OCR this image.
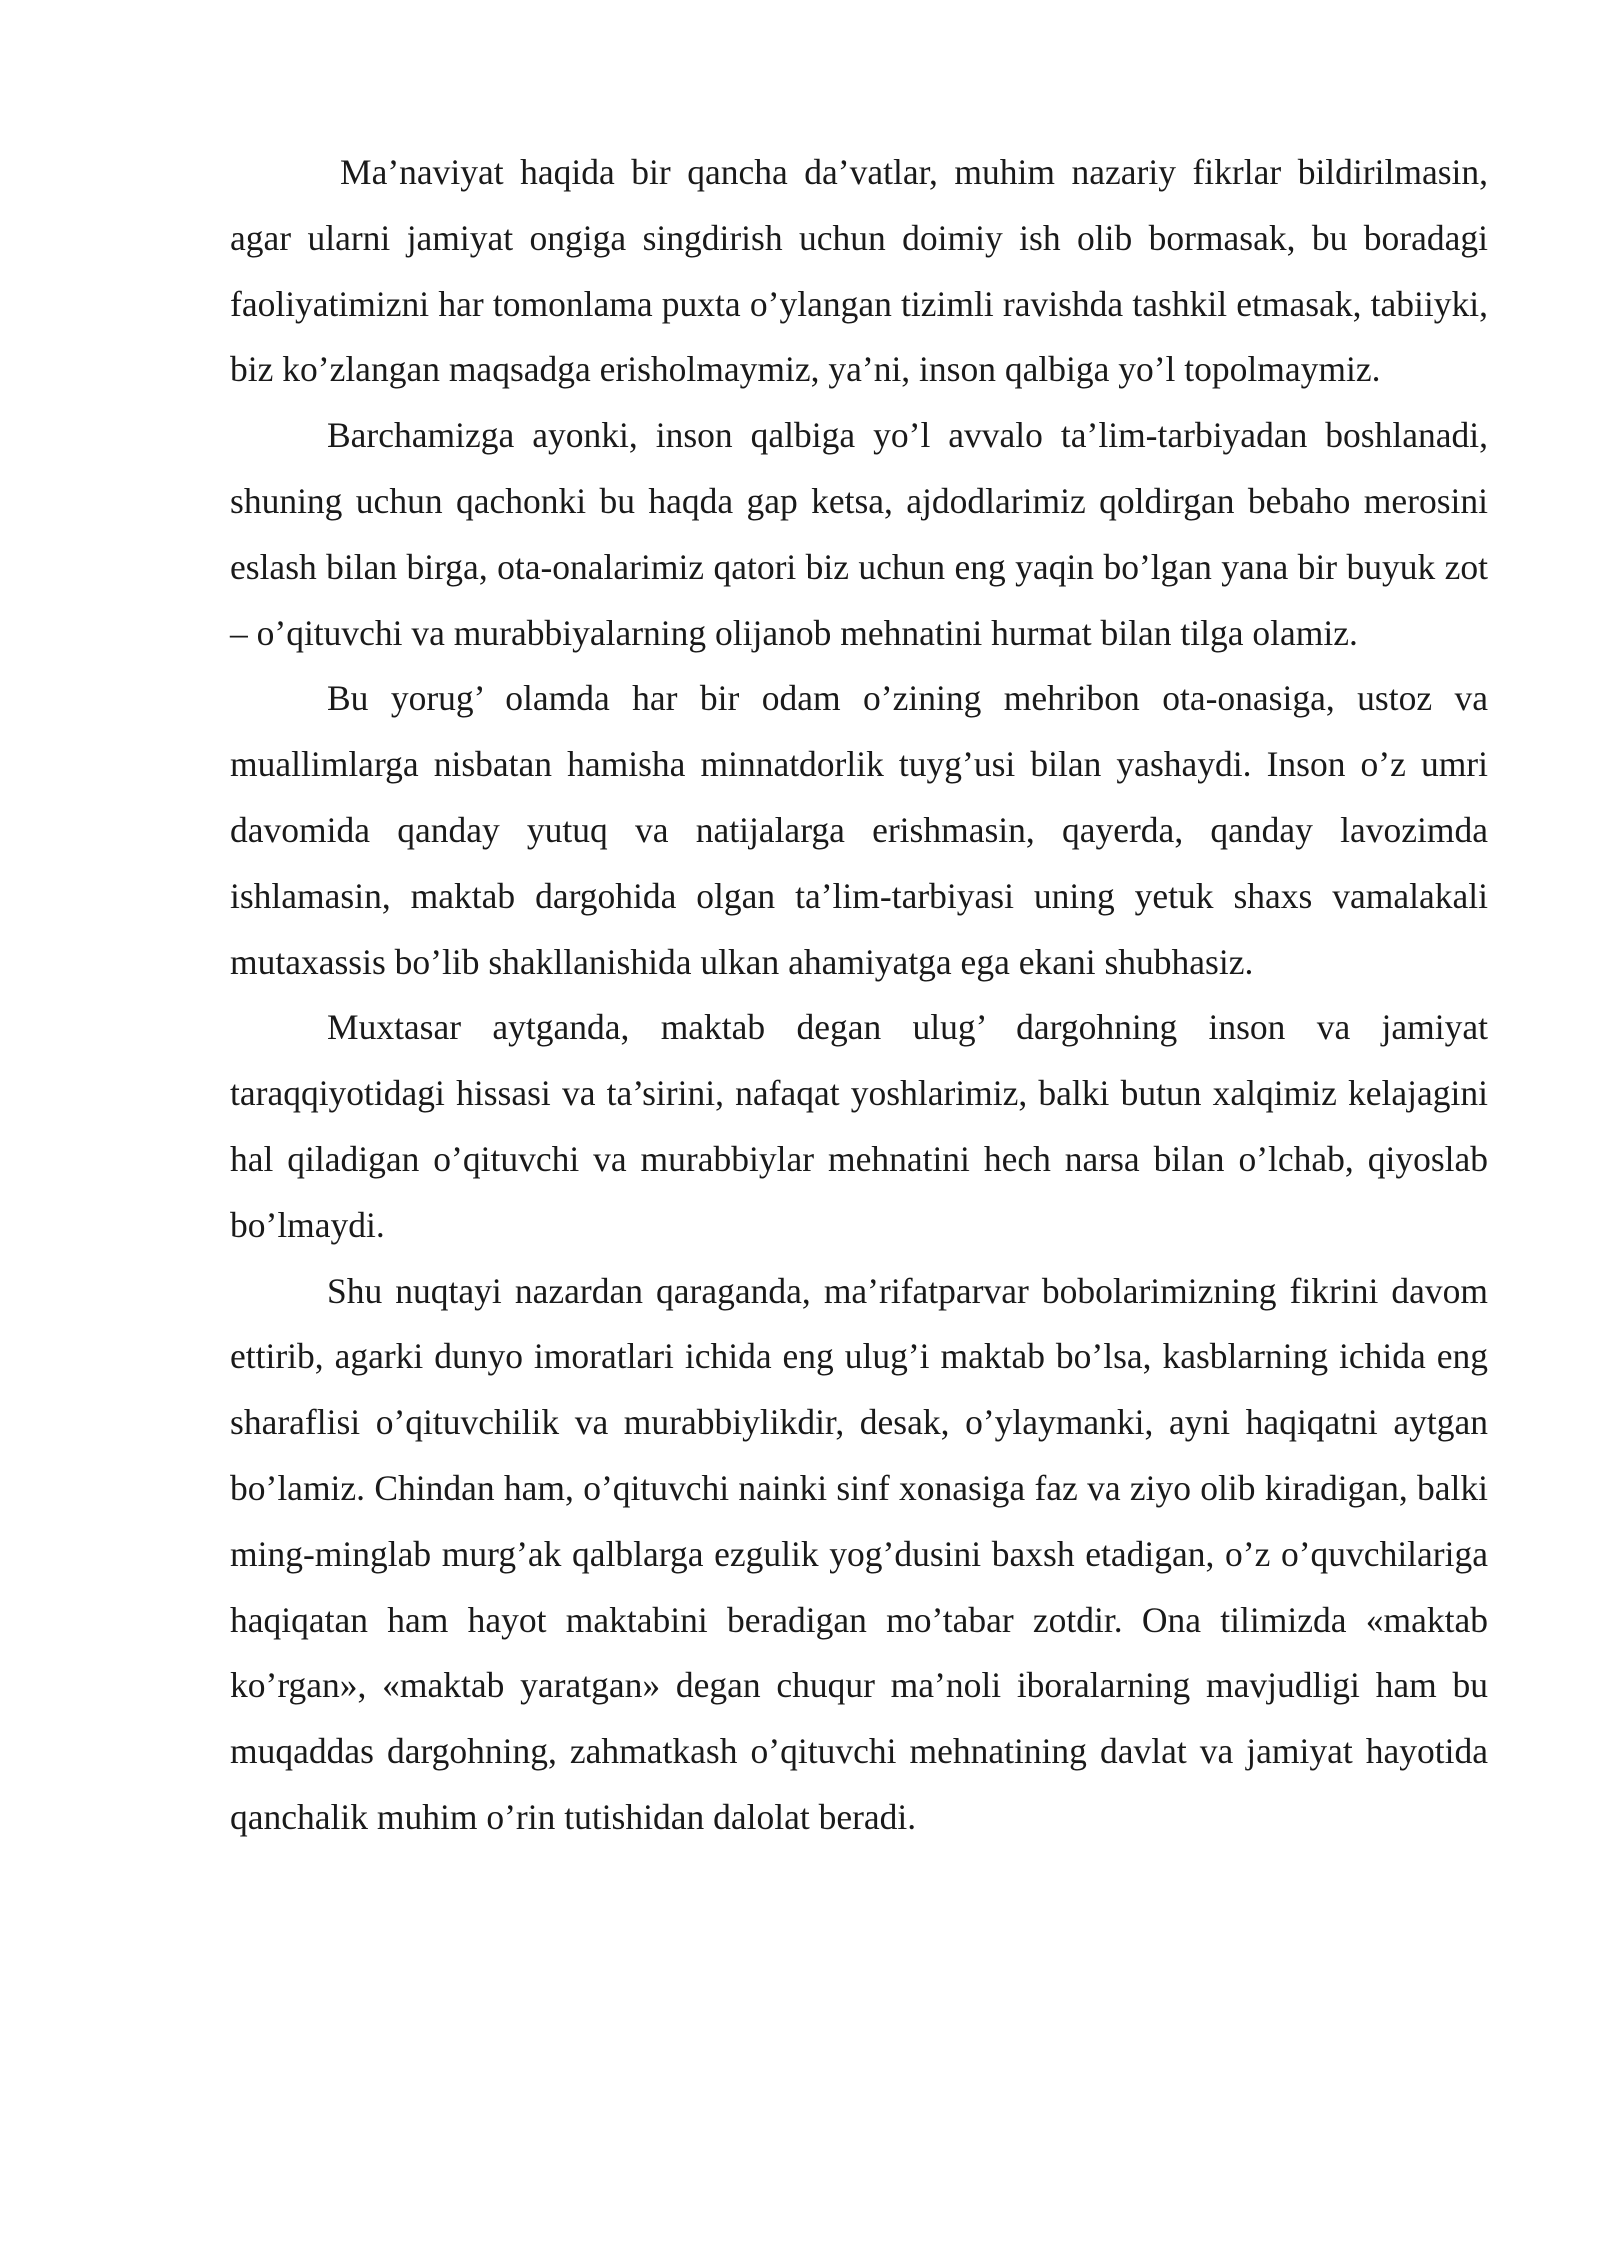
Ma’naviyat haqida bir qancha da’vatlar, muhim nazariy fikrlar bildirilmasin, agar ularni jamiyat ongiga singdirish uchun doimiy ish olib bormasak, bu boradagi faoliyatimizni har tomonlama puxta o’ylangan tizimli ravishda tashkil etmasak, tabiiyki, biz ko’zlangan maqsadga erisholmaymiz, ya’ni, inson qalbiga yo’l topolmaymiz.

Barchamizga ayonki, inson qalbiga yo’l avvalo ta’lim-tarbiyadan boshlanadi, shuning uchun qachonki bu haqda gap ketsa, ajdodlarimiz qoldirgan bebaho merosini eslash bilan birga, ota-onalarimiz qatori biz uchun eng yaqin bo’lgan yana bir buyuk zot – o’qituvchi va murabbiyalarning olijanob mehnatini hurmat bilan tilga olamiz.

Bu yorug’ olamda har bir odam o’zining mehribon ota-onasiga, ustoz va muallimlarga nisbatan hamisha minnatdorlik tuyg’usi bilan yashaydi. Inson o’z umri davomida qanday yutuq va natijalarga erishmasin, qayerda, qanday lavozimda ishlamasin, maktab dargohida olgan ta’lim-tarbiyasi uning yetuk shaxs vamalakali mutaxassis bo’lib shakllanishida ulkan ahamiyatga ega ekani shubhasiz.

Muxtasar aytganda, maktab degan ulug’ dargohning inson va jamiyat taraqqiyotidagi hissasi va ta’sirini, nafaqat yoshlarimiz, balki butun xalqimiz kelajagini hal qiladigan o’qituvchi va murabbiylar mehnatini hech narsa bilan o’lchab, qiyoslab bo’lmaydi.

Shu nuqtayi nazardan qaraganda, ma’rifatparvar bobolarimizning fikrini davom ettirib, agarki dunyo imoratlari ichida eng ulug’i maktab bo’lsa, kasblarning ichida eng sharaflisi o’qituvchilik va murabbiylikdir, desak, o’ylaymanki, ayni haqiqatni aytgan bo’lamiz. Chindan ham, o’qituvchi nainki sinf xonasiga faz va ziyo olib kiradigan, balki ming-minglab murg’ak qalblarga ezgulik yog’dusini baxsh etadigan, o’z o’quvchilariga haqiqatan ham hayot maktabini beradigan mo’tabar zotdir. Ona tilimizda «maktab ko’rgan», «maktab yaratgan» degan chuqur ma’noli iboralarning mavjudligi ham bu muqaddas dargohning, zahmatkash o’qituvchi mehnatining davlat va jamiyat hayotida qanchalik muhim o’rin tutishidan dalolat beradi.
